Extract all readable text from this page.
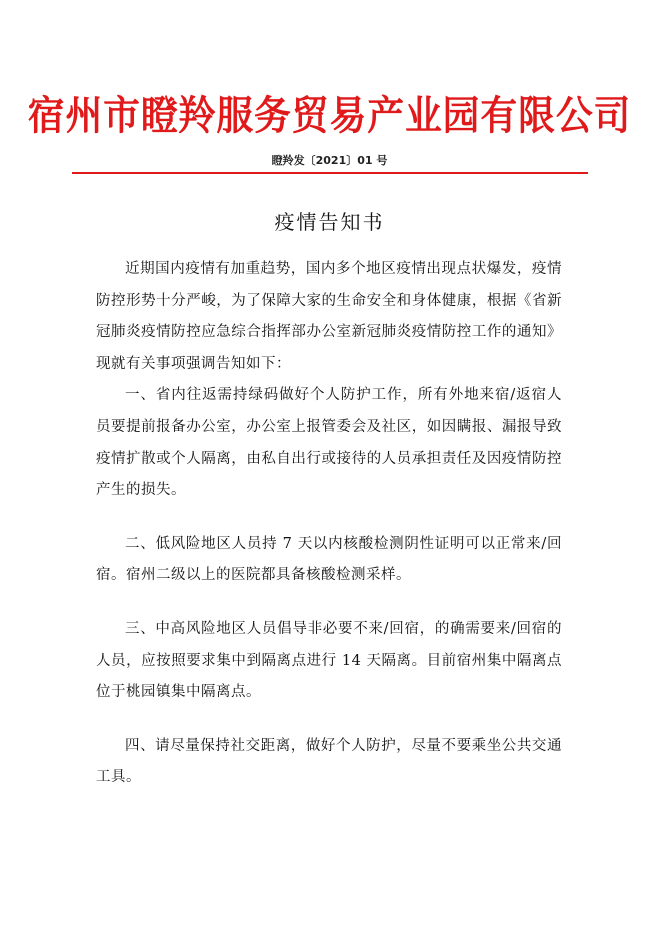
宿州市瞪羚服务贸易产业园有限公司
瞪羚发〔2021〕01 号
疫情告知书

近期国内疫情有加重趋势，国内多个地区疫情出现点状爆发，疫情防控形势十分严峻，为了保障大家的生命安全和身体健康，根据《省新冠肺炎疫情防控应急综合指挥部办公室新冠肺炎疫情防控工作的通知》现就有关事项强调告知如下：

一、省内往返需持绿码做好个人防护工作，所有外地来宿/返宿人员要提前报备办公室，办公室上报管委会及社区，如因瞒报、漏报导致疫情扩散或个人隔离，由私自出行或接待的人员承担责任及因疫情防控产生的损失。

二、低风险地区人员持 7 天以内核酸检测阴性证明可以正常来/回宿。宿州二级以上的医院都具备核酸检测采样。

三、中高风险地区人员倡导非必要不来/回宿，的确需要来/回宿的人员，应按照要求集中到隔离点进行 14 天隔离。目前宿州集中隔离点位于桃园镇集中隔离点。

四、请尽量保持社交距离，做好个人防护，尽量不要乘坐公共交通工具。
